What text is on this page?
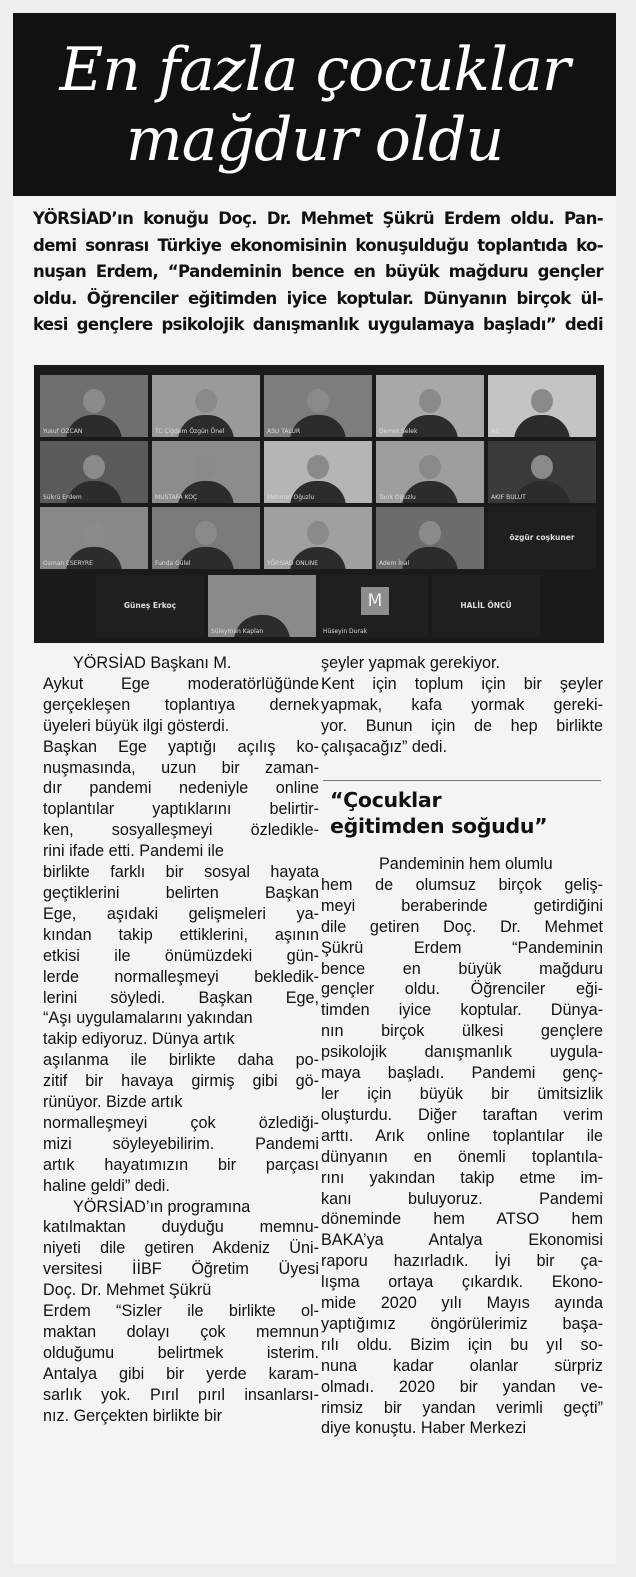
En fazla çocuklar
mağdur oldu
YÖRSİAD’ın konuğu Doç. Dr. Mehmet Şükrü Erdem oldu. Pan-
demi sonrası Türkiye ekonomisinin konuşulduğu toplantıda ko-
nuşan Erdem, “Pandeminin bence en büyük mağduru gençler
oldu. Öğrenciler eğitimden iyice koptular. Dünyanın birçok ül-
kesi gençlere psikolojik danışmanlık uygulamaya başladı” dedi
Yusuf OZCAN	TC Çiğdem Özgün Önel	ASU TALUR	Demet Selek	AB
Sükrü Erdem	MUSTAFA KOÇ	Mehmet Oğuzlu	Tarık Oğuzlu	AKIF BULUT
Osman ESERYRE	Funda Gülel	YÖRSİAD ONLINE	Adem İnal
özgür coşkuner
Güneş Erkoç
Süleyman Kaplan
M
Hüseyin Durak
HALİL ÖNCÜ
YÖRSİAD Başkanı M.
Aykut Ege moderatörlüğünde
gerçekleşen toplantıya dernek
üyeleri büyük ilgi gösterdi.
Başkan Ege yaptığı açılış ko-
nuşmasında, uzun bir zaman-
dır pandemi nedeniyle online
toplantılar yaptıklarını belirtir-
ken, sosyalleşmeyi özledikle-
rini ifade etti. Pandemi ile
birlikte farklı bir sosyal hayata
geçtiklerini belirten Başkan
Ege, aşıdaki gelişmeleri ya-
kından takip ettiklerini, aşının
etkisi ile önümüzdeki gün-
lerde normalleşmeyi bekledik-
lerini söyledi. Başkan Ege,
“Aşı uygulamalarını yakından
takip ediyoruz. Dünya artık
aşılanma ile birlikte daha po-
zitif bir havaya girmiş gibi gö-
rünüyor. Bizde artık
normalleşmeyi çok özlediği-
mizi söyleyebilirim. Pandemi
artık hayatımızın bir parçası
haline geldi” dedi.
YÖRSİAD’ın programına
katılmaktan duyduğu memnu-
niyeti dile getiren Akdeniz Üni-
versitesi İİBF Öğretim Üyesi
Doç. Dr. Mehmet Şükrü
Erdem “Sizler ile birlikte ol-
maktan dolayı çok memnun
olduğumu belirtmek isterim.
Antalya gibi bir yerde karam-
sarlık yok. Pırıl pırıl insanlarsı-
nız. Gerçekten birlikte bir
şeyler yapmak gerekiyor.
Kent için toplum için bir şeyler
yapmak, kafa yormak gereki-
yor. Bunun için de hep birlikte
çalışacağız” dedi.
“Çocuklar
eğitimden soğudu”
Pandeminin hem olumlu
hem de olumsuz birçok geliş-
meyi beraberinde getirdiğini
dile getiren Doç. Dr. Mehmet
Şükrü Erdem “Pandeminin
bence en büyük mağduru
gençler oldu. Öğrenciler eği-
timden iyice koptular. Dünya-
nın birçok ülkesi gençlere
psikolojik danışmanlık uygula-
maya başladı. Pandemi genç-
ler için büyük bir ümitsizlik
oluşturdu. Diğer taraftan verim
arttı. Arık online toplantılar ile
dünyanın en önemli toplantıla-
rını yakından takip etme im-
kanı buluyoruz. Pandemi
döneminde hem ATSO hem
BAKA’ya Antalya Ekonomisi
raporu hazırladık. İyi bir ça-
lışma ortaya çıkardık. Ekono-
mide 2020 yılı Mayıs ayında
yaptığımız öngörülerimiz başa-
rılı oldu. Bizim için bu yıl so-
nuna kadar olanlar sürpriz
olmadı. 2020 bir yandan ve-
rimsiz bir yandan verimli geçti”
diye konuştu. Haber Merkezi
